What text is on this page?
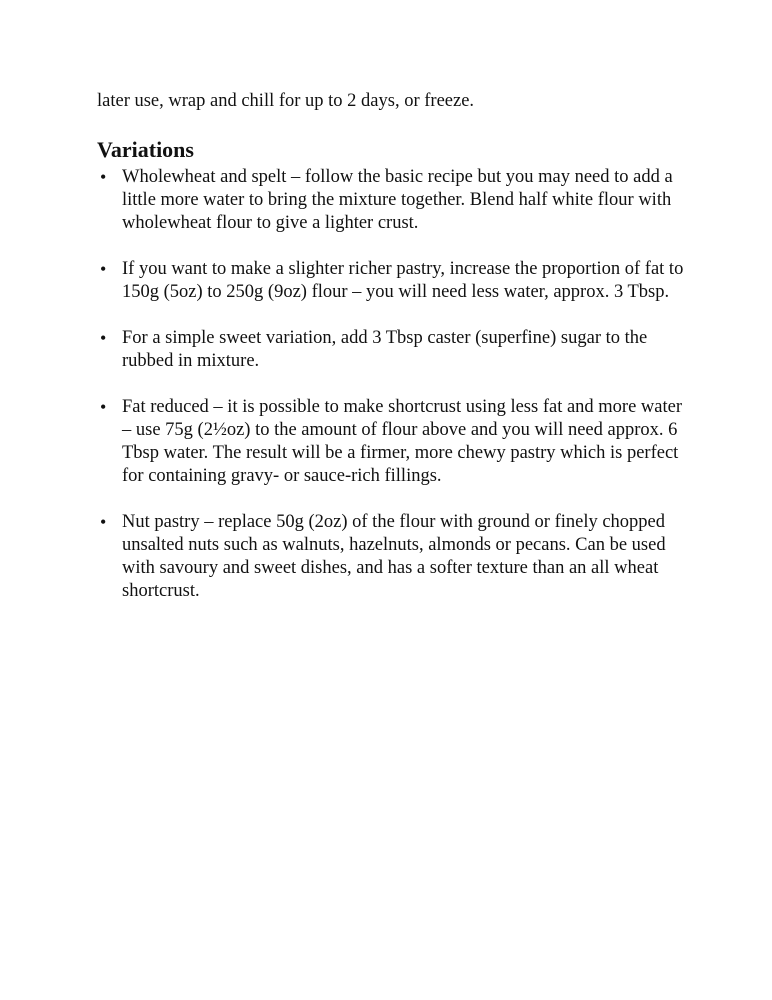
later use, wrap and chill for up to 2 days, or freeze.

Variations
• Wholewheat and spelt – follow the basic recipe but you may need to add a little more water to bring the mixture together. Blend half white flour with wholewheat flour to give a lighter crust.
• If you want to make a slighter richer pastry, increase the proportion of fat to 150g (5oz) to 250g (9oz) flour – you will need less water, approx. 3 Tbsp.
• For a simple sweet variation, add 3 Tbsp caster (superfine) sugar to the rubbed in mixture.
• Fat reduced – it is possible to make shortcrust using less fat and more water – use 75g (2½oz) to the amount of flour above and you will need approx. 6 Tbsp water. The result will be a firmer, more chewy pastry which is perfect for containing gravy- or sauce-rich fillings.
• Nut pastry – replace 50g (2oz) of the flour with ground or finely chopped unsalted nuts such as walnuts, hazelnuts, almonds or pecans. Can be used with savoury and sweet dishes, and has a softer texture than an all wheat shortcrust.
